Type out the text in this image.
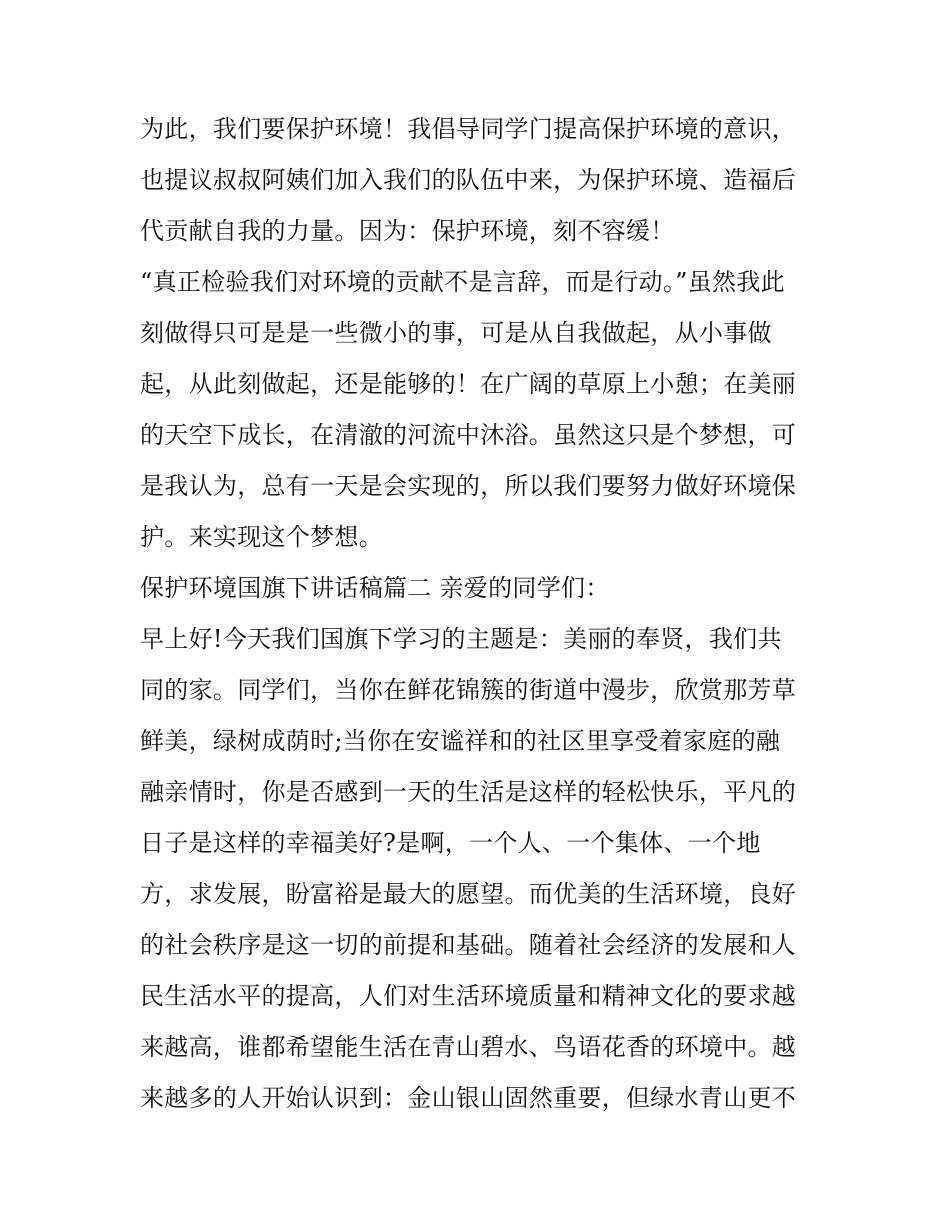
为此，我们要保护环境！我倡导同学门提高保护环境的意识，
也提议叔叔阿姨们加入我们的队伍中来，为保护环境、造福后
代贡献自我的力量。因为：保护环境，刻不容缓！
“真正检验我们对环境的贡献不是言辞，而是行动。”虽然我此
刻做得只可是是一些微小的事，可是从自我做起，从小事做
起，从此刻做起，还是能够的！在广阔的草原上小憩；在美丽
的天空下成长，在清澈的河流中沐浴。虽然这只是个梦想，可
是我认为，总有一天是会实现的，所以我们要努力做好环境保
护。来实现这个梦想。
保护环境国旗下讲话稿篇二 亲爱的同学们：
早上好!今天我们国旗下学习的主题是：美丽的奉贤，我们共
同的家。同学们，当你在鲜花锦簇的街道中漫步，欣赏那芳草
鲜美，绿树成荫时;当你在安谧祥和的社区里享受着家庭的融
融亲情时，你是否感到一天的生活是这样的轻松快乐，平凡的
日子是这样的幸福美好?是啊，一个人、一个集体、一个地
方，求发展，盼富裕是最大的愿望。而优美的生活环境，良好
的社会秩序是这一切的前提和基础。随着社会经济的发展和人
民生活水平的提高，人们对生活环境质量和精神文化的要求越
来越高，谁都希望能生活在青山碧水、鸟语花香的环境中。越
来越多的人开始认识到：金山银山固然重要，但绿水青山更不
